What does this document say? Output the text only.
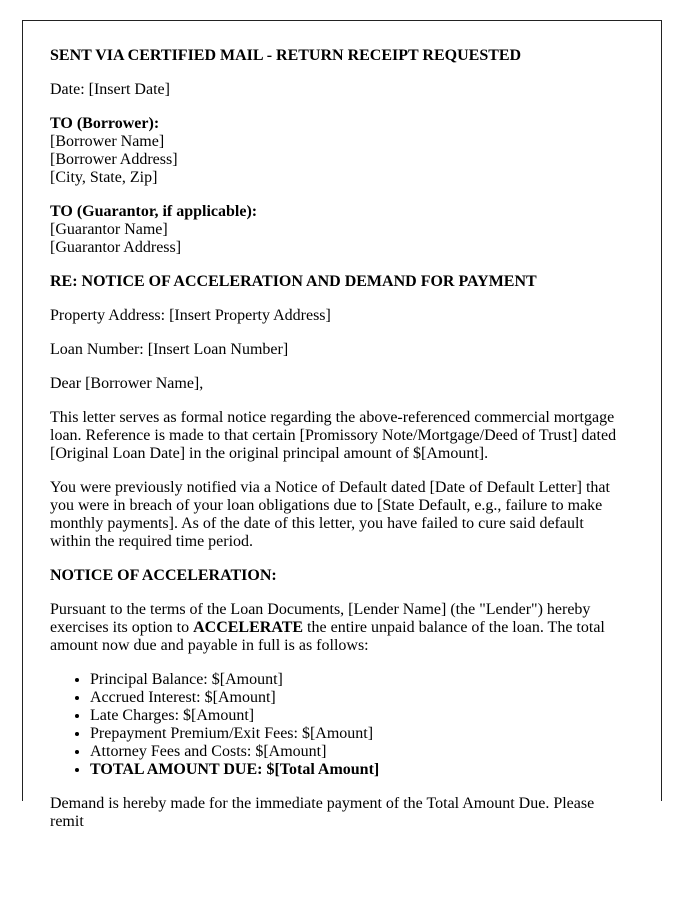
SENT VIA CERTIFIED MAIL - RETURN RECEIPT REQUESTED

Date: [Insert Date]

TO (Borrower):
[Borrower Name]
[Borrower Address]
[City, State, Zip]

TO (Guarantor, if applicable):
[Guarantor Name]
[Guarantor Address]

RE: NOTICE OF ACCELERATION AND DEMAND FOR PAYMENT

Property Address: [Insert Property Address]

Loan Number: [Insert Loan Number]

Dear [Borrower Name],

This letter serves as formal notice regarding the above-referenced commercial mortgage loan. Reference is made to that certain [Promissory Note/Mortgage/Deed of Trust] dated [Original Loan Date] in the original principal amount of $[Amount].

You were previously notified via a Notice of Default dated [Date of Default Letter] that you were in breach of your loan obligations due to [State Default, e.g., failure to make monthly payments]. As of the date of this letter, you have failed to cure said default within the required time period.

NOTICE OF ACCELERATION:

Pursuant to the terms of the Loan Documents, [Lender Name] (the "Lender") hereby exercises its option to ACCELERATE the entire unpaid balance of the loan. The total amount now due and payable in full is as follows:

• Principal Balance: $[Amount]
• Accrued Interest: $[Amount]
• Late Charges: $[Amount]
• Prepayment Premium/Exit Fees: $[Amount]
• Attorney Fees and Costs: $[Amount]
• TOTAL AMOUNT DUE: $[Total Amount]

Demand is hereby made for the immediate payment of the Total Amount Due. Please remit
